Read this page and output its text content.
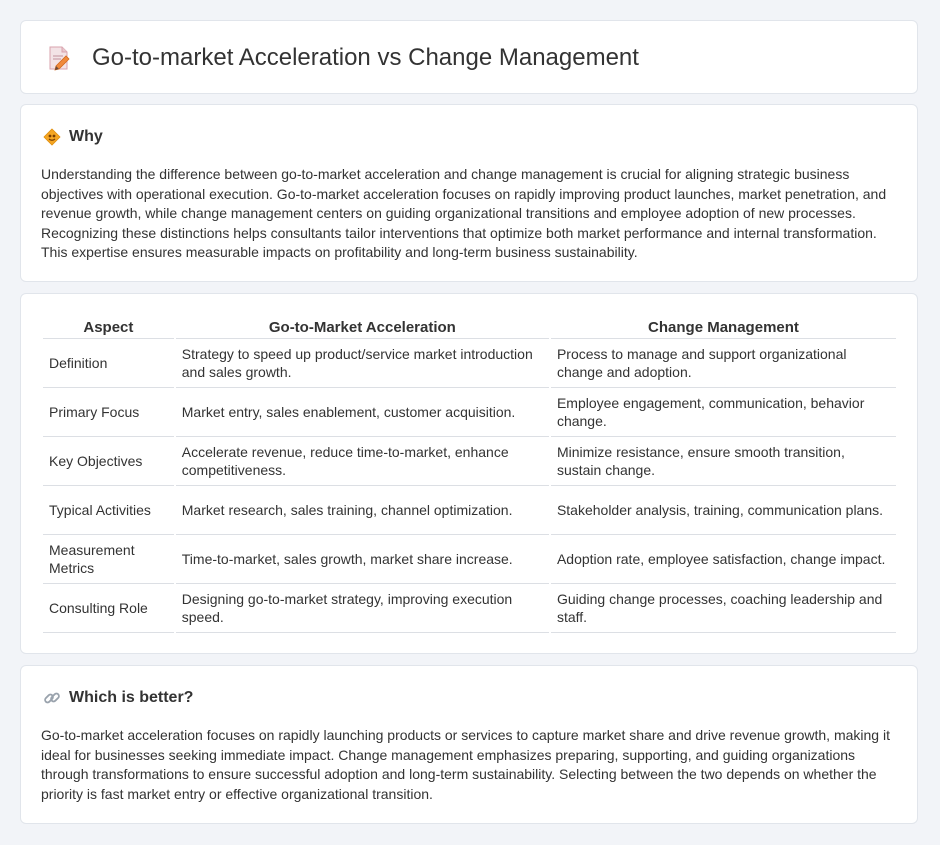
Go-to-market Acceleration vs Change Management
Why

Understanding the difference between go-to-market acceleration and change management is crucial for aligning strategic business objectives with operational execution. Go-to-market acceleration focuses on rapidly improving product launches, market penetration, and revenue growth, while change management centers on guiding organizational transitions and employee adoption of new processes. Recognizing these distinctions helps consultants tailor interventions that optimize both market performance and internal transformation. This expertise ensures measurable impacts on profitability and long-term business sustainability.

Aspect	Go-to-Market Acceleration	Change Management
Definition	Strategy to speed up product/service market introduction and sales growth.	Process to manage and support organizational change and adoption.
Primary Focus	Market entry, sales enablement, customer acquisition.	Employee engagement, communication, behavior change.
Key Objectives	Accelerate revenue, reduce time-to-market, enhance competitiveness.	Minimize resistance, ensure smooth transition, sustain change.
Typical Activities	Market research, sales training, channel optimization.	Stakeholder analysis, training, communication plans.
Measurement Metrics	Time-to-market, sales growth, market share increase.	Adoption rate, employee satisfaction, change impact.
Consulting Role	Designing go-to-market strategy, improving execution speed.	Guiding change processes, coaching leadership and staff.
Which is better?

Go-to-market acceleration focuses on rapidly launching products or services to capture market share and drive revenue growth, making it ideal for businesses seeking immediate impact. Change management emphasizes preparing, supporting, and guiding organizations through transformations to ensure successful adoption and long-term sustainability. Selecting between the two depends on whether the priority is fast market entry or effective organizational transition.
